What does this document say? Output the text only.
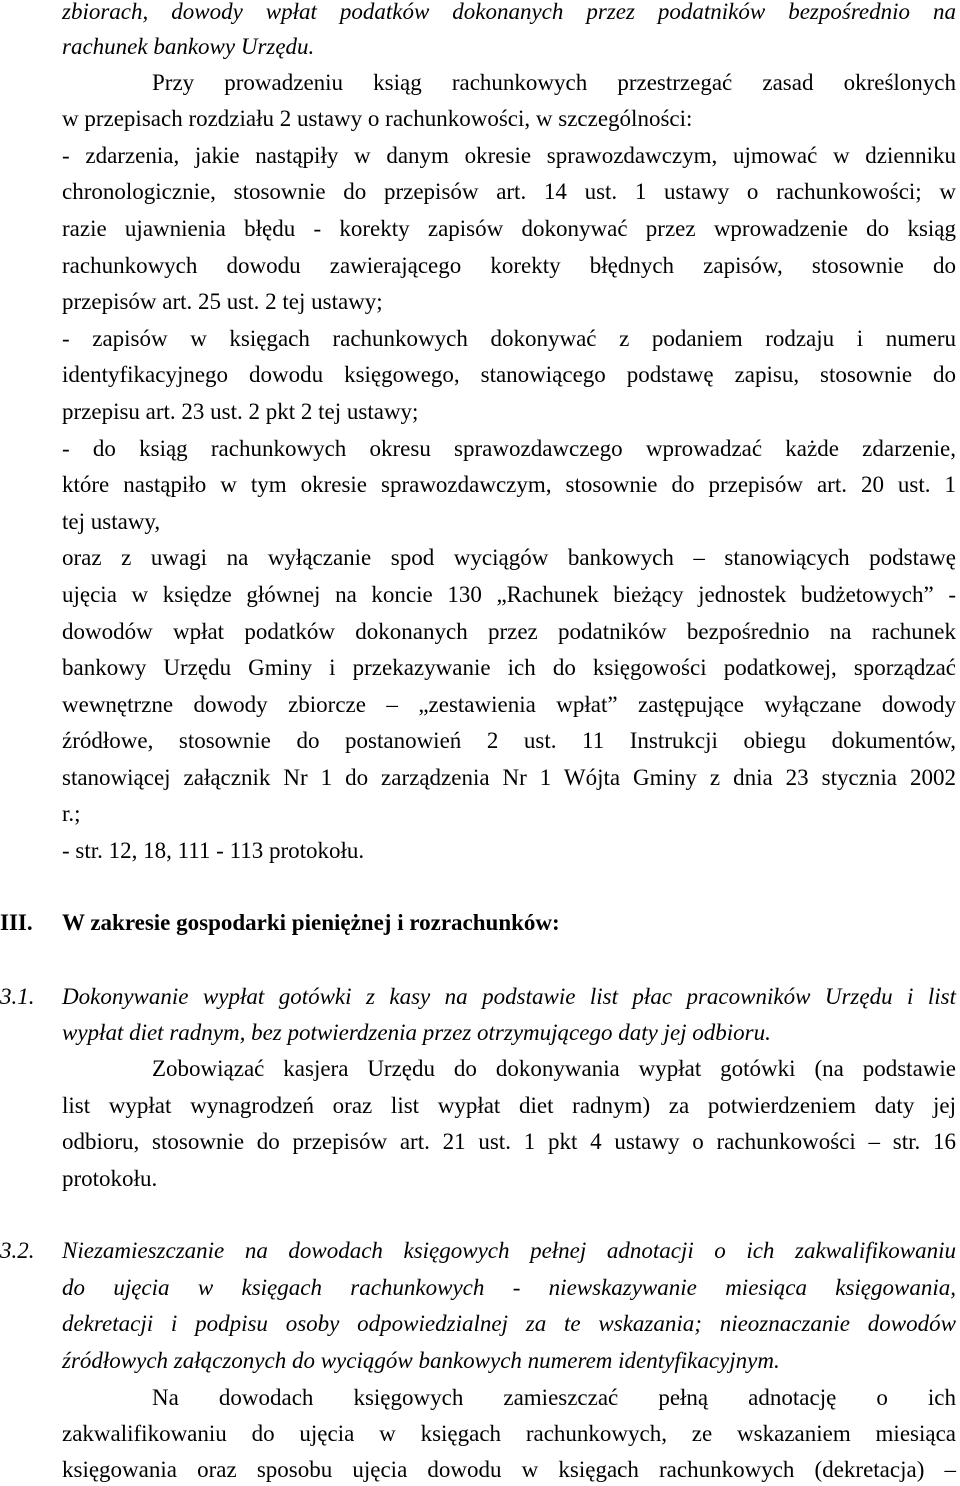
zbiorach, dowody wpłat podatków dokonanych przez podatników bezpośrednio na
rachunek bankowy Urzędu.
Przy prowadzeniu ksiąg rachunkowych przestrzegać zasad określonych
w przepisach rozdziału 2 ustawy o rachunkowości, w szczególności:
- zdarzenia, jakie nastąpiły w danym okresie sprawozdawczym, ujmować w dzienniku
chronologicznie, stosownie do przepisów art. 14 ust. 1 ustawy o rachunkowości; w
razie ujawnienia błędu - korekty zapisów dokonywać przez wprowadzenie do ksiąg
rachunkowych dowodu zawierającego korekty błędnych zapisów, stosownie do
przepisów art. 25 ust. 2 tej ustawy;
- zapisów w księgach rachunkowych dokonywać z podaniem rodzaju i numeru
identyfikacyjnego dowodu księgowego, stanowiącego podstawę zapisu, stosownie do
przepisu art. 23 ust. 2 pkt 2 tej ustawy;
- do ksiąg rachunkowych okresu sprawozdawczego wprowadzać każde zdarzenie,
które nastąpiło w tym okresie sprawozdawczym, stosownie do przepisów art. 20 ust. 1
tej ustawy,
oraz z uwagi na wyłączanie spod wyciągów bankowych – stanowiących podstawę
ujęcia w księdze głównej na koncie 130 „Rachunek bieżący jednostek budżetowych” -
dowodów wpłat podatków dokonanych przez podatników bezpośrednio na rachunek
bankowy Urzędu Gminy i przekazywanie ich do księgowości podatkowej, sporządzać
wewnętrzne dowody zbiorcze – „zestawienia wpłat” zastępujące wyłączane dowody
źródłowe, stosownie do postanowień 2 ust. 11 Instrukcji obiegu dokumentów,
stanowiącej załącznik Nr 1 do zarządzenia Nr 1 Wójta Gminy z dnia 23 stycznia 2002
r.;
- str. 12, 18, 111 - 113 protokołu.
III. W zakresie gospodarki pieniężnej i rozrachunków:
3.1. Dokonywanie wypłat gotówki z kasy na podstawie list płac pracowników Urzędu i list
wypłat diet radnym, bez potwierdzenia przez otrzymującego daty jej odbioru.
Zobowiązać kasjera Urzędu do dokonywania wypłat gotówki (na podstawie
list wypłat wynagrodzeń oraz list wypłat diet radnym) za potwierdzeniem daty jej
odbioru, stosownie do przepisów art. 21 ust. 1 pkt 4 ustawy o rachunkowości – str. 16
protokołu.
3.2. Niezamieszczanie na dowodach księgowych pełnej adnotacji o ich zakwalifikowaniu
do ujęcia w księgach rachunkowych - niewskazywanie miesiąca księgowania,
dekretacji i podpisu osoby odpowiedzialnej za te wskazania; nieoznaczanie dowodów
źródłowych załączonych do wyciągów bankowych numerem identyfikacyjnym.
Na dowodach księgowych zamieszczać pełną adnotację o ich
zakwalifikowaniu do ujęcia w księgach rachunkowych, ze wskazaniem miesiąca
księgowania oraz sposobu ujęcia dowodu w księgach rachunkowych (dekretacja) –
